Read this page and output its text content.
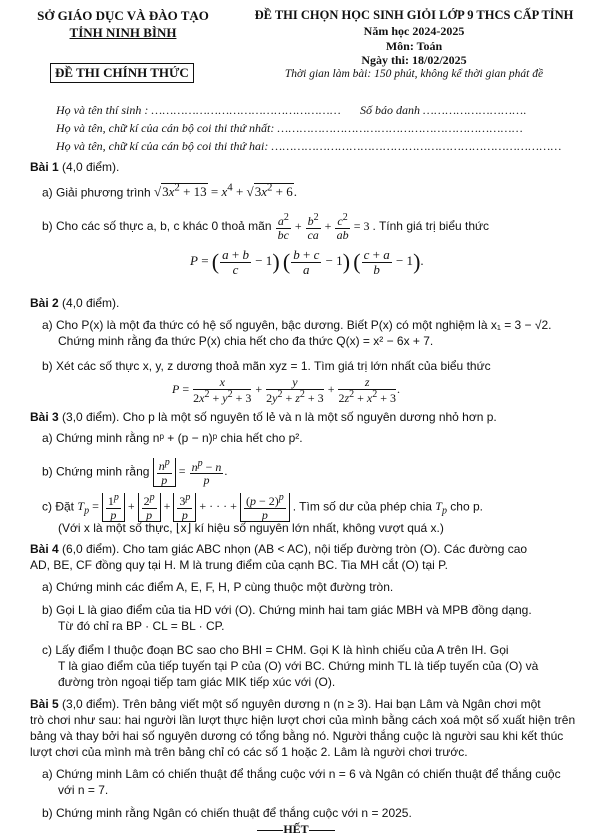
SỞ GIÁO DỤC VÀ ĐÀO TẠO
TỈNH NINH BÌNH
ĐỀ THI CHÍNH THỨC
ĐỀ THI CHỌN HỌC SINH GIỎI LỚP 9 THCS CẤP TỈNH
Năm học 2024-2025
Môn: Toán
Ngày thi: 18/02/2025
Thời gian làm bài: 150 phút, không kể thời gian phát đề
Họ và tên thí sinh : …………………………………………… Số báo danh ……………………….
Họ và tên, chữ kí của cán bộ coi thi thứ nhất: …………………………………………………………
Họ và tên, chữ kí của cán bộ coi thi thứ hai: ……………………………………………………………………
Bài 1 (4,0 điểm).
a) Giải phương trình $√3x^2 + 13 = x^4 + √3x^2 + 6$.
b) Cho các số thực a, b, c khác 0 thoả mãn $\frac{a^2}{bc} + \frac{b^2}{ca} + \frac{c^2}{ab} = 3$ . Tính giá trị biểu thức
P = ( $\frac{a + b}{c} - 1$) ( $\frac{b + c}{a} - 1$) ( $\frac{c + a}{b} - 1$).
Bài 2 (4,0 điểm).
a) Cho P(x) là một đa thức có hệ số nguyên, bậc dương. Biết P(x) có một nghiệm là x₁ = 3 − √2.
Chứng minh rằng đa thức P(x) chia hết cho đa thức Q(x) = x² − 6x + 7.
b) Xét các số thực x, y, z dương thoả mãn xyz = 1. Tìm giá trị lớn nhất của biểu thức
$P = \frac{x}{2x^2 + y^2 + 3} + \frac{y}{2y^2 + z^2 + 3} + \frac{z}{2z^2 + x^2 + 3}$ .
Bài 3 (3,0 điểm). Cho p là một số nguyên tố lẻ và n là một số nguyên dương nhỏ hơn p.
a) Chứng minh rằng nᵖ + (p − n)ᵖ chia hết cho p².
b) Chứng minh rằng $\frac{n^p}{p} = \frac{n^p - n}{p}$ .
c) Đặt $T_p = \frac{1^p}{p} + \frac{2^p}{p} + \frac{3^p}{p}$ + · · · + $\frac{(p - 2)^p}{p}$ . Tìm số dư của phép chia $T_p$ cho p.
(Với x là một số thực, ⌊x⌋ kí hiệu số nguyên lớn nhất, không vượt quá x.)
Bài 4 (6,0 điểm). Cho tam giác ABC nhọn (AB < AC), nội tiếp đường tròn (O). Các đường cao
AD, BE, CF đồng quy tại H. M là trung điểm của cạnh BC. Tia MH cắt (O) tại P.
a) Chứng minh các điểm A, E, F, H, P cùng thuộc một đường tròn.
b) Gọi L là giao điểm của tia HD với (O). Chứng minh hai tam giác MBH và MPB đồng dạng.
Từ đó chỉ ra BP · CL = BL · CP.
c) Lấy điểm I thuộc đoạn BC sao cho BHI = CHM. Gọi K là hình chiếu của A trên IH. Gọi
T là giao điểm của tiếp tuyến tại P của (O) với BC. Chứng minh TL là tiếp tuyến của (O) và
đường tròn ngoại tiếp tam giác MIK tiếp xúc với (O).
Bài 5 (3,0 điểm). Trên bảng viết một số nguyên dương n (n ≥ 3). Hai bạn Lâm và Ngân chơi một
trò chơi như sau: hai người lần lượt thực hiện lượt chơi của mình bằng cách xoá một số xuất hiện trên
bảng và thay bởi hai số nguyên dương có tổng bằng nó. Người thắng cuộc là người sau khi kết thúc
lượt chơi của mình mà trên bảng chỉ có các số 1 hoặc 2. Lâm là người chơi trước.
a) Chứng minh Lâm có chiến thuật để thắng cuộc với n = 6 và Ngân có chiến thuật để thắng cuộc
với n = 7.
b) Chứng minh rằng Ngân có chiến thuật để thắng cuộc với n = 2025.
HẾT
